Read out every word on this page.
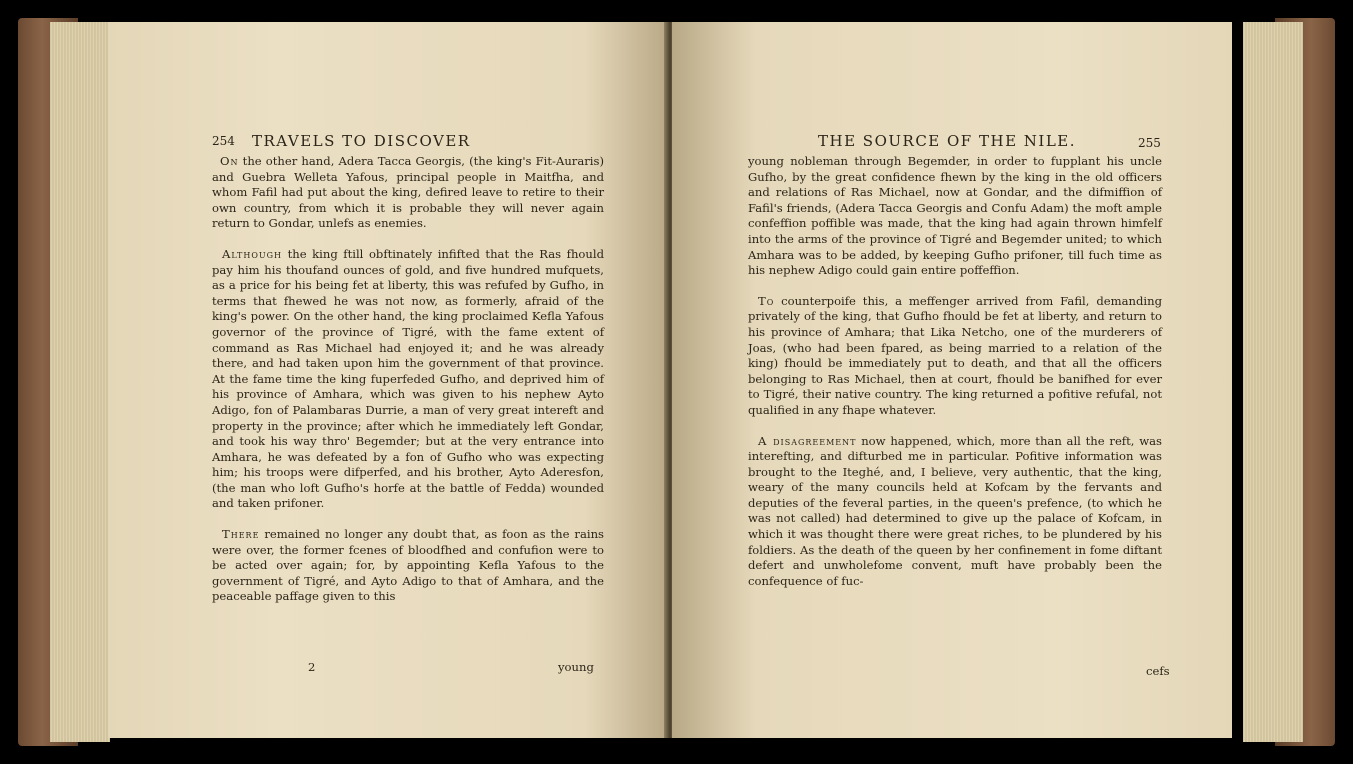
254 TRAVELS TO DISCOVER

On the other hand, Adera Tacca Georgis, (the king's Fit-Auraris) and Guebra Welleta Yafous, principal people in Maitfha, and whom Fafil had put about the king, defired leave to retire to their own country, from which it is probable they will never again return to Gondar, unlefs as enemies.

Although the king ftill obftinately infifted that the Ras fhould pay him his thoufand ounces of gold, and five hundred mufquets, as a price for his being fet at liberty, this was refufed by Gufho, in terms that fhewed he was not now, as formerly, afraid of the king's power. On the other hand, the king proclaimed Kefla Yafous governor of the province of Tigré, with the fame extent of command as Ras Michael had enjoyed it; and he was already there, and had taken upon him the government of that province. At the fame time the king fuperfeded Gufho, and deprived him of his province of Amhara, which was given to his nephew Ayto Adigo, fon of Palambaras Durrie, a man of very great intereft and property in the province; after which he immediately left Gondar, and took his way thro' Begemder; but at the very entrance into Amhara, he was defeated by a fon of Gufho who was expecting him; his troops were difperfed, and his brother, Ayto Aderesfon, (the man who loft Gufho's horfe at the battle of Fedda) wounded and taken prifoner.

There remained no longer any doubt that, as foon as the rains were over, the former fcenes of bloodfhed and confufion were to be acted over again; for, by appointing Kefla Yafous to the government of Tigré, and Ayto Adigo to that of Amhara, and the peaceable paffage given to this

2	young
THE SOURCE OF THE NILE.	255

young nobleman through Begemder, in order to fupplant his uncle Gufho, by the great confidence fhewn by the king in the old officers and relations of Ras Michael, now at Gondar, and the difmiffion of Fafil's friends, (Adera Tacca Georgis and Confu Adam) the moft ample confeffion poffible was made, that the king had again thrown himfelf into the arms of the province of Tigré and Begemder united; to which Amhara was to be added, by keeping Gufho prifoner, till fuch time as his nephew Adigo could gain entire poffeffion.

To counterpoife this, a meffenger arrived from Fafil, demanding privately of the king, that Gufho fhould be fet at liberty, and return to his province of Amhara; that Lika Netcho, one of the murderers of Joas, (who had been fpared, as being married to a relation of the king) fhould be immediately put to death, and that all the officers belonging to Ras Michael, then at court, fhould be banifhed for ever to Tigré, their native country. The king returned a pofitive refufal, not qualified in any fhape whatever.

A disagreement now happened, which, more than all the reft, was interefting, and difturbed me in particular. Pofitive information was brought to the Iteghé, and, I believe, very authentic, that the king, weary of the many councils held at Kofcam by the fervants and deputies of the feveral parties, in the queen's prefence, (to which he was not called) had determined to give up the palace of Kofcam, in which it was thought there were great riches, to be plundered by his foldiers. As the death of the queen by her confinement in fome diftant defert and unwholefome convent, muft have probably been the confequence of fuc-

cefs
